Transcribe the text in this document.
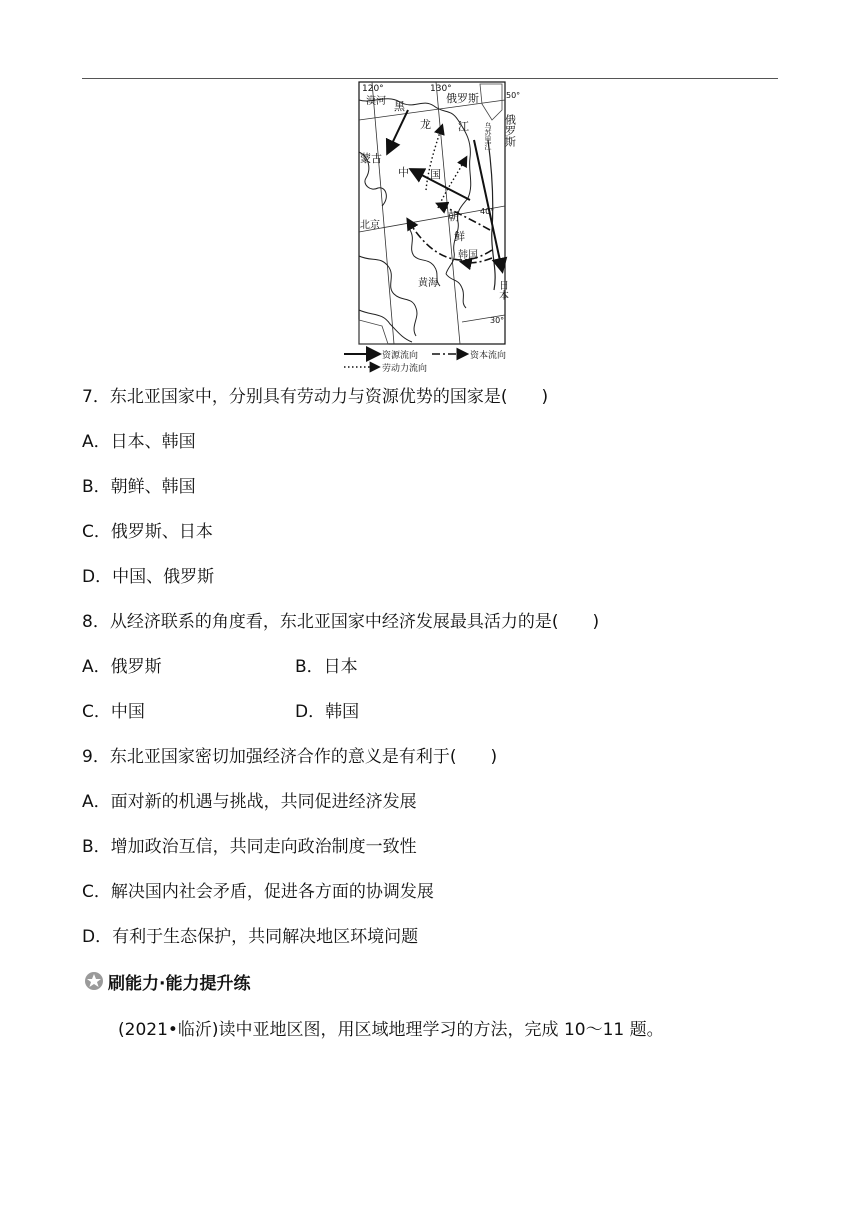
120°	130°
50°
40°
30°
漠河	俄罗斯
黑
龙 江 乌苏里江 俄罗斯
蒙古
中 国
朝
鲜
北京
韩国
黄海	日本
资源流向	资本流向
劳动力流向
7．东北亚国家中，分别具有劳动力与资源优势的国家是(　　)
A．日本、韩国
B．朝鲜、韩国
C．俄罗斯、日本
D．中国、俄罗斯
8．从经济联系的角度看，东北亚国家中经济发展最具活力的是(　　)
A．俄罗斯	B．日本
C．中国	D．韩国
9．东北亚国家密切加强经济合作的意义是有利于(　　)
A．面对新的机遇与挑战，共同促进经济发展
B．增加政治互信，共同走向政治制度一致性
C．解决国内社会矛盾，促进各方面的协调发展
D．有利于生态保护，共同解决地区环境问题
刷能力·能力提升练
(2021•临沂)读中亚地区图，用区域地理学习的方法，完成 10～11 题。
